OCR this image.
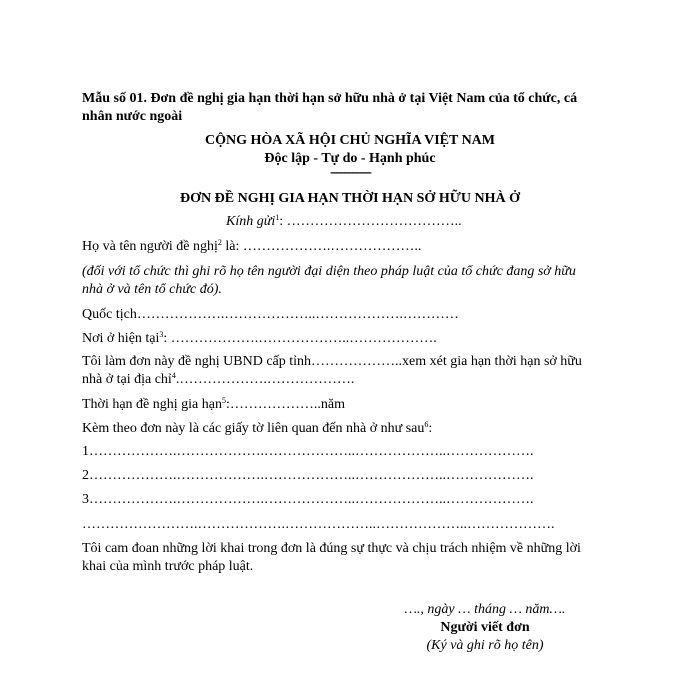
Mẫu số 01. Đơn đề nghị gia hạn thời hạn sở hữu nhà ở tại Việt Nam của tổ chức, cá
nhân nước ngoài
CỘNG HÒA XÃ HỘI CHỦ NGHĨA VIỆT NAM
Độc lập - Tự do - Hạnh phúc
---------------
ĐƠN ĐỀ NGHỊ GIA HẠN THỜI HẠN SỞ HỮU NHÀ Ở
Kính gửi$^1$: ………………………………..
Họ và tên người đề nghị$^2$ là: ……………….………………..
(đối với tổ chức thì ghi rõ họ tên người đại diện theo pháp luật của tổ chức đang sở hữu
nhà ở và tên tổ chức đó).
Quốc tịch……………….………………..……………….…………
Nơi ở hiện tại$^3$: ……………….………………..……………….
Tôi làm đơn này đề nghị UBND cấp tỉnh………………..xem xét gia hạn thời hạn sở hữu
nhà ở tại địa chỉ$^4$.……………….……………….
Thời hạn đề nghị gia hạn$^5$:………………..năm
Kèm theo đơn này là các giấy tờ liên quan đến nhà ở như sau$^6$:
1……………….……………….………………..………………..……………….
2……………….……………….………………..………………..……………….
3……………….……………….………………..………………..……………….
…………………….……………….………………..………………..……………….
Tôi cam đoan những lời khai trong đơn là đúng sự thực và chịu trách nhiệm về những lời
khai của mình trước pháp luật.
…., ngày … tháng … năm….
Người viết đơn
(Ký và ghi rõ họ tên)
